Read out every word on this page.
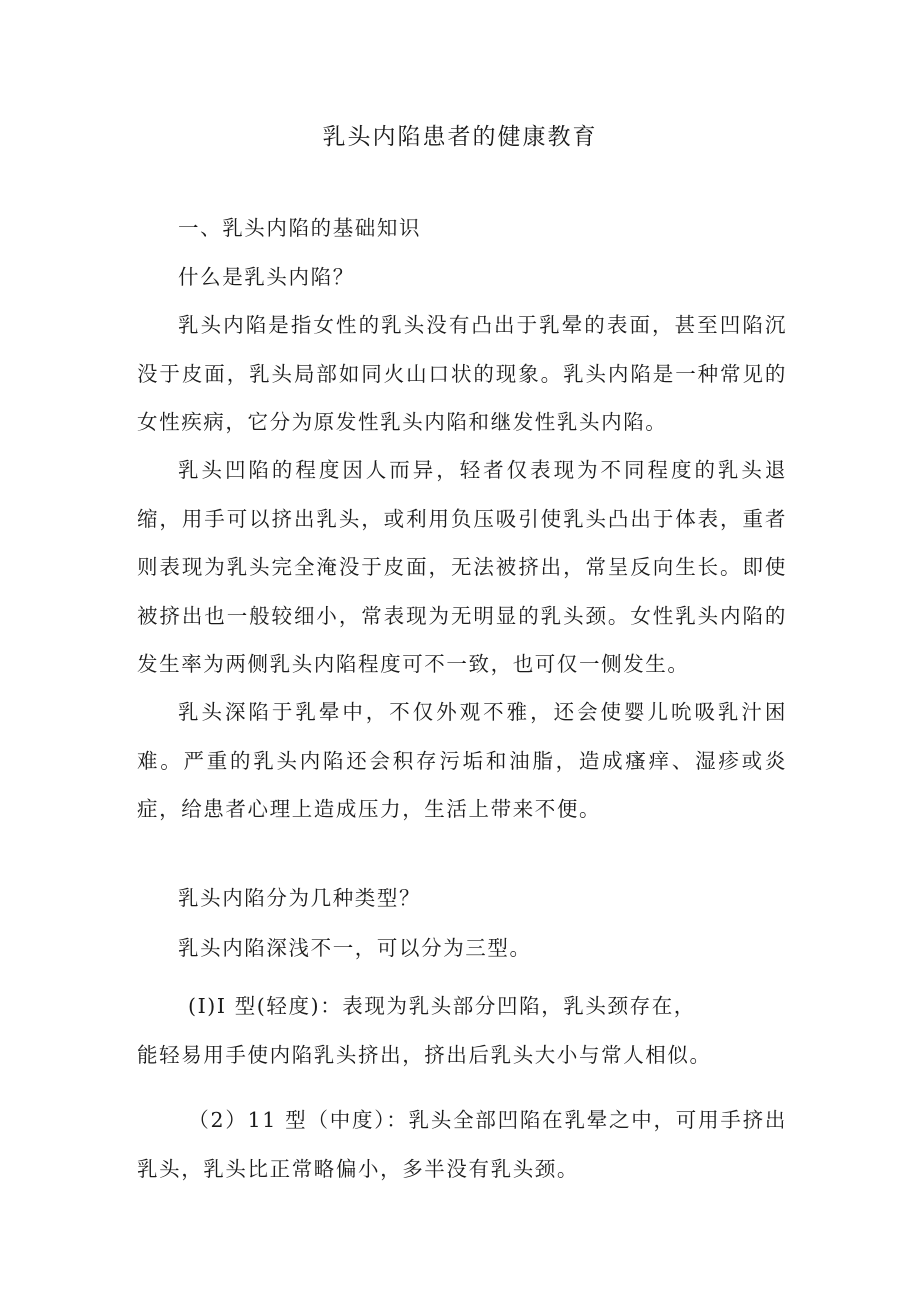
乳头内陷患者的健康教育

一、乳头内陷的基础知识

什么是乳头内陷？

乳头内陷是指女性的乳头没有凸出于乳晕的表面，甚至凹陷沉没于皮面，乳头局部如同火山口状的现象。乳头内陷是一种常见的女性疾病，它分为原发性乳头内陷和继发性乳头内陷。

乳头凹陷的程度因人而异，轻者仅表现为不同程度的乳头退缩，用手可以挤出乳头，或利用负压吸引使乳头凸出于体表，重者则表现为乳头完全淹没于皮面，无法被挤出，常呈反向生长。即使被挤出也一般较细小，常表现为无明显的乳头颈。女性乳头内陷的发生率为两侧乳头内陷程度可不一致，也可仅一侧发生。

乳头深陷于乳晕中，不仅外观不雅，还会使婴儿吮吸乳汁困难。严重的乳头内陷还会积存污垢和油脂，造成瘙痒、湿疹或炎症，给患者心理上造成压力，生活上带来不便。

乳头内陷分为几种类型？

乳头内陷深浅不一，可以分为三型。

(I)I 型(轻度)：表现为乳头部分凹陷，乳头颈存在，

能轻易用手使内陷乳头挤出，挤出后乳头大小与常人相似。

（2）11 型（中度）：乳头全部凹陷在乳晕之中，可用手挤出乳头，乳头比正常略偏小，多半没有乳头颈。
